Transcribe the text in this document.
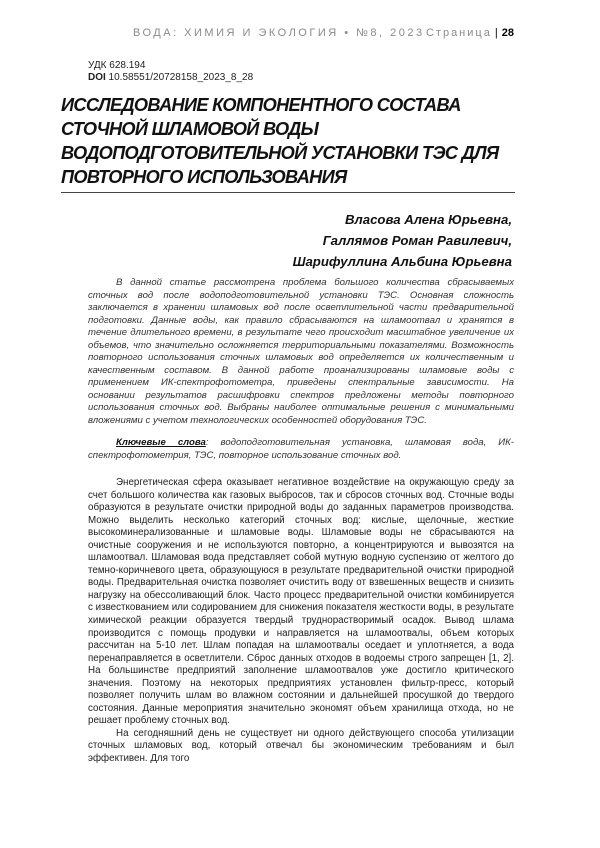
ВОДА: ХИМИЯ И ЭКОЛОГИЯ • №8, 2023 Страница | 28
УДК 628.194
DOI 10.58551/20728158_2023_8_28
ИССЛЕДОВАНИЕ КОМПОНЕНТНОГО СОСТАВА
СТОЧНОЙ ШЛАМОВОЙ ВОДЫ
ВОДОПОДГОТОВИТЕЛЬНОЙ УСТАНОВКИ ТЭС ДЛЯ
ПОВТОРНОГО ИСПОЛЬЗОВАНИЯ
Власова Алена Юрьевна,
Галлямов Роман Равилевич,
Шарифуллина Альбина Юрьевна
В данной статье рассмотрена проблема большого количества сбрасываемых сточных вод после водоподготовительной установки ТЭС. Основная сложность заключается в хранении шламовых вод после осветлительной части предварительной подготовки. Данные воды, как правило сбрасываются на шламоотвал и хранятся в течение длительного времени, в результате чего происходит масштабное увеличение их объемов, что значительно осложняется территориальными показателями. Возможность повторного использования сточных шламовых вод определяется их количественным и качественным составом. В данной работе проанализированы шламовые воды с применением ИК-спектрофотометра, приведены спектральные зависимости. На основании результатов расшифровки спектров предложены методы повторного использования сточных вод. Выбраны наиболее оптимальные решения с минимальными вложениями с учетом технологических особенностей оборудования ТЭС.
Ключевые слова: водоподготовительная установка, шламовая вода, ИК-спектрофотометрия, ТЭС, повторное использование сточных вод.

Энергетическая сфера оказывает негативное воздействие на окружающую среду за счет большого количества как газовых выбросов, так и сбросов сточных вод. Сточные воды образуются в результате очистки природной воды до заданных параметров производства. Можно выделить несколько категорий сточных вод: кислые, щелочные, жесткие высокоминерализованные и шламовые воды. Шламовые воды не сбрасываются на очистные сооружения и не используются повторно, а концентрируются и вывозятся на шламоотвал. Шламовая вода представляет собой мутную водную суспензию от желтого до темно-коричневого цвета, образующуюся в результате предварительной очистки природной воды. Предварительная очистка позволяет очистить воду от взвешенных веществ и снизить нагрузку на обессоливающий блок. Часто процесс предварительной очистки комбинируется с известкованием или содированием для снижения показателя жесткости воды, в результате химической реакции образуется твердый труднорастворимый осадок. Вывод шлама производится с помощь продувки и направляется на шламоотвалы, объем которых рассчитан на 5-10 лет. Шлам попадая на шламоотвалы оседает и уплотняется, а вода перенаправляется в осветлители. Сброс данных отходов в водоемы строго запрещен [1, 2]. На большинстве предприятий заполнение шламоотвалов уже достигло критического значения. Поэтому на некоторых предприятиях установлен фильтр-пресс, который позволяет получить шлам во влажном состоянии и дальнейшей просушкой до твердого состояния. Данные мероприятия значительно экономят объем хранилища отхода, но не решает проблему сточных вод.

На сегодняшний день не существует ни одного действующего способа утилизации сточных шламовых вод, который отвечал бы экономическим требованиям и был эффективен. Для того
